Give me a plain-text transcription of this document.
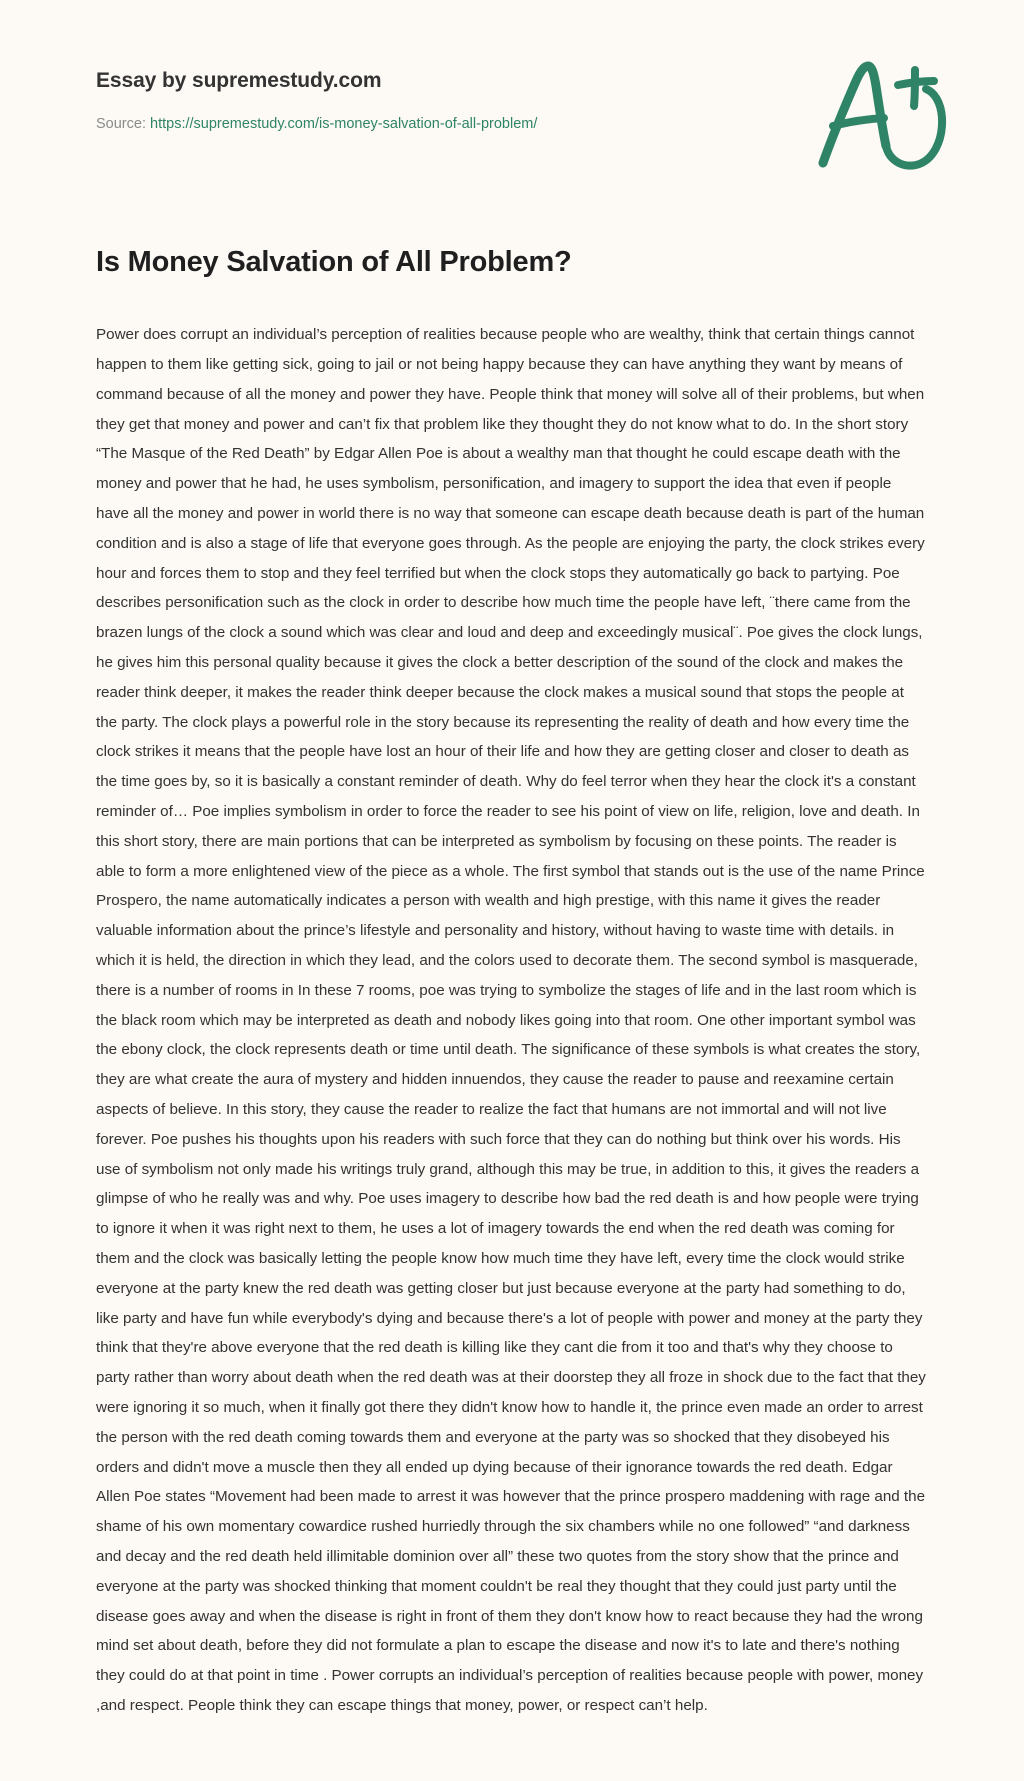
Essay by supremestudy.com
Source: https://supremestudy.com/is-money-salvation-of-all-problem/
Is Money Salvation of All Problem?
Power does corrupt an individual’s perception of realities because people who are wealthy, think that certain things cannot happen to them like getting sick, going to jail or not being happy because they can have anything they want by means of command because of all the money and power they have. People think that money will solve all of their problems, but when they get that money and power and can’t fix that problem like they thought they do not know what to do. In the short story “The Masque of the Red Death” by Edgar Allen Poe is about a wealthy man that thought he could escape death with the money and power that he had, he uses symbolism, personification, and imagery to support the idea that even if people have all the money and power in world there is no way that someone can escape death because death is part of the human condition and is also a stage of life that everyone goes through. As the people are enjoying the party, the clock strikes every hour and forces them to stop and they feel terrified but when the clock stops they automatically go back to partying. Poe describes personification such as the clock in order to describe how much time the people have left, ¨there came from the brazen lungs of the clock a sound which was clear and loud and deep and exceedingly musical¨. Poe gives the clock lungs, he gives him this personal quality because it gives the clock a better description of the sound of the clock and makes the reader think deeper, it makes the reader think deeper because the clock makes a musical sound that stops the people at the party. The clock plays a powerful role in the story because its representing the reality of death and how every time the clock strikes it means that the people have lost an hour of their life and how they are getting closer and closer to death as the time goes by, so it is basically a constant reminder of death. Why do feel terror when they hear the clock it's a constant reminder of… Poe implies symbolism in order to force the reader to see his point of view on life, religion, love and death. In this short story, there are main portions that can be interpreted as symbolism by focusing on these points. The reader is able to form a more enlightened view of the piece as a whole. The first symbol that stands out is the use of the name Prince Prospero, the name automatically indicates a person with wealth and high prestige, with this name it gives the reader valuable information about the prince’s lifestyle and personality and history, without having to waste time with details. in which it is held, the direction in which they lead, and the colors used to decorate them. The second symbol is masquerade, there is a number of rooms in In these 7 rooms, poe was trying to symbolize the stages of life and in the last room which is the black room which may be interpreted as death and nobody likes going into that room. One other important symbol was the ebony clock, the clock represents death or time until death. The significance of these symbols is what creates the story, they are what create the aura of mystery and hidden innuendos, they cause the reader to pause and reexamine certain aspects of believe. In this story, they cause the reader to realize the fact that humans are not immortal and will not live forever. Poe pushes his thoughts upon his readers with such force that they can do nothing but think over his words. His use of symbolism not only made his writings truly grand, although this may be true, in addition to this, it gives the readers a glimpse of who he really was and why. Poe uses imagery to describe how bad the red death is and how people were trying to ignore it when it was right next to them, he uses a lot of imagery towards the end when the red death was coming for them and the clock was basically letting the people know how much time they have left, every time the clock would strike everyone at the party knew the red death was getting closer but just because everyone at the party had something to do, like party and have fun while everybody's dying and because there's a lot of people with power and money at the party they think that they're above everyone that the red death is killing like they cant die from it too and that's why they choose to party rather than worry about death when the red death was at their doorstep they all froze in shock due to the fact that they were ignoring it so much, when it finally got there they didn't know how to handle it, the prince even made an order to arrest the person with the red death coming towards them and everyone at the party was so shocked that they disobeyed his orders and didn't move a muscle then they all ended up dying because of their ignorance towards the red death. Edgar Allen Poe states “Movement had been made to arrest it was however that the prince prospero maddening with rage and the shame of his own momentary cowardice rushed hurriedly through the six chambers while no one followed” “and darkness and decay and the red death held illimitable dominion over all” these two quotes from the story show that the prince and everyone at the party was shocked thinking that moment couldn't be real they thought that they could just party until the disease goes away and when the disease is right in front of them they don't know how to react because they had the wrong mind set about death, before they did not formulate a plan to escape the disease and now it's to late and there's nothing they could do at that point in time . Power corrupts an individual’s perception of realities because people with power, money ,and respect. People think they can escape things that money, power, or respect can’t help.
